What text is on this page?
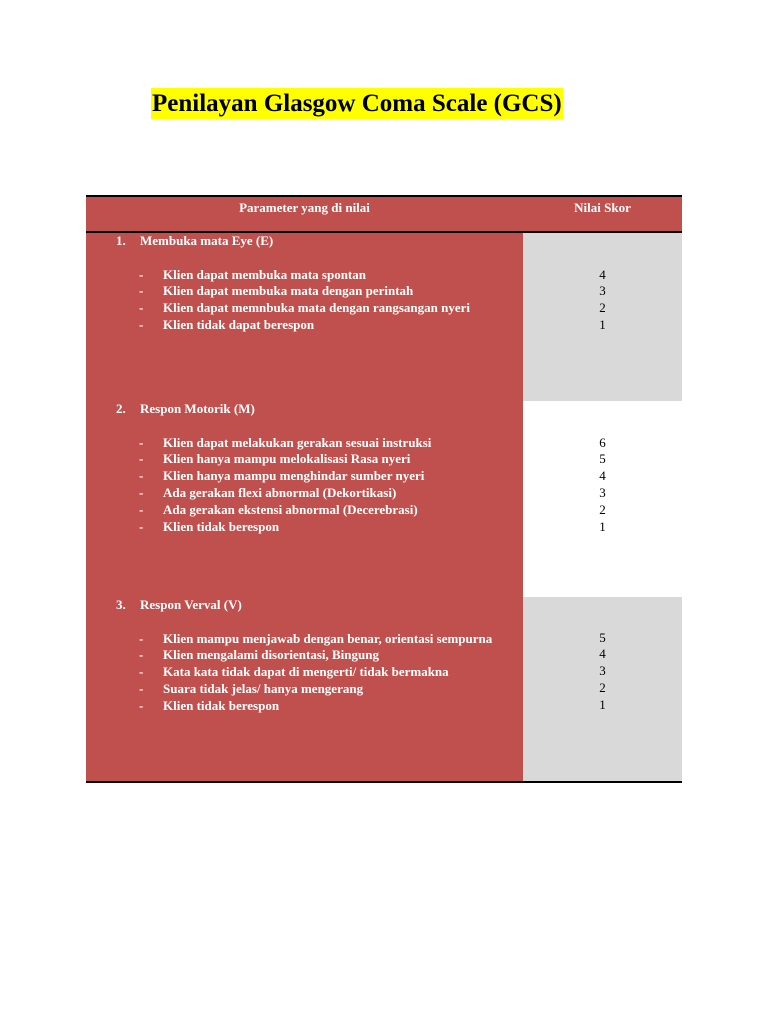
Penilayan Glasgow Coma Scale (GCS)
Parameter yang di nilai	Nilai Skor
1. Membuka mata Eye (E)
- Klien dapat membuka mata spontan
- Klien dapat membuka mata dengan perintah
- Klien dapat memnbuka mata dengan rangsangan nyeri
- Klien tidak dapat berespon
4
3
2
1
2. Respon Motorik (M)
- Klien dapat melakukan gerakan sesuai instruksi
- Klien hanya mampu melokalisasi Rasa nyeri
- Klien hanya mampu menghindar sumber nyeri
- Ada gerakan flexi abnormal (Dekortikasi)
- Ada gerakan ekstensi abnormal (Decerebrasi)
- Klien tidak berespon
6
5
4
3
2
1
3. Respon Verval (V)
- Klien mampu menjawab dengan benar, orientasi sempurna
- Klien mengalami disorientasi, Bingung
- Kata kata tidak dapat di mengerti/ tidak bermakna
- Suara tidak jelas/ hanya mengerang
- Klien tidak berespon
5
4
3
2
1
